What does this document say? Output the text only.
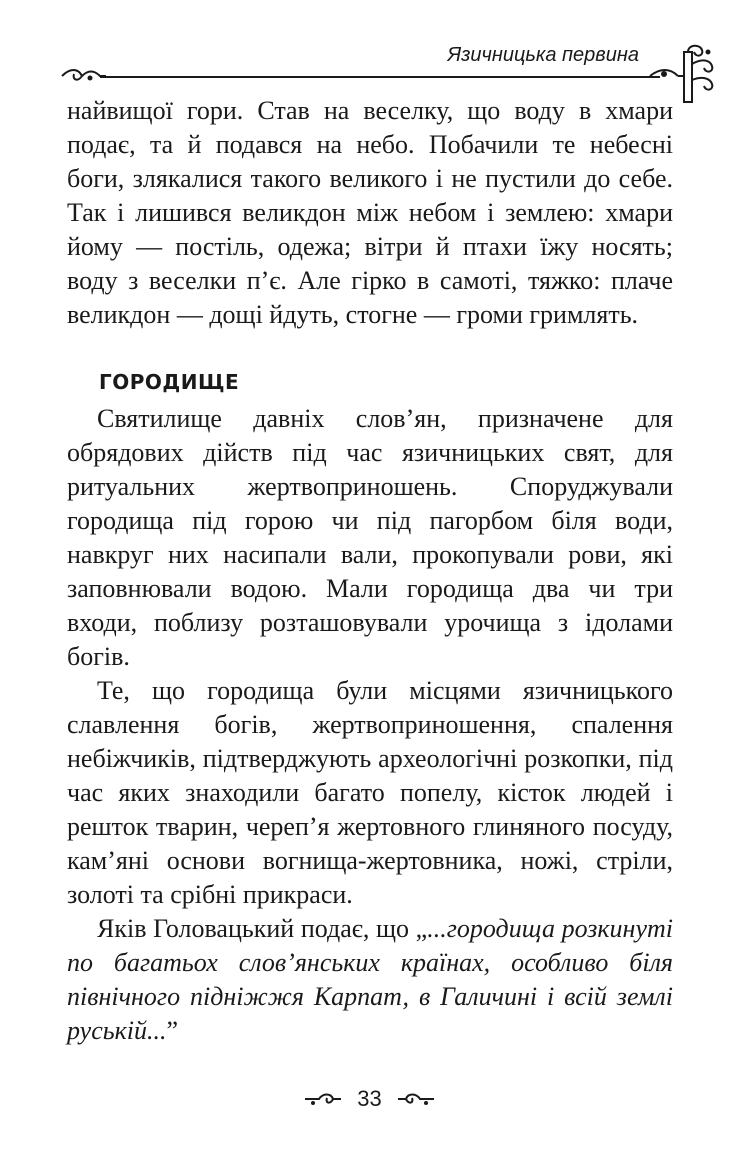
Язичницька первина

найвищої гори. Став на веселку, що воду в хмари подає, та й подався на небо. Побачили те небесні боги, злякалися такого великого і не пустили до себе. Так і лишився великдон між небом і землею: хмари йому — постіль, одежа; вітри й птахи їжу носять; воду з веселки п’є. Але гірко в самоті, тяжко: плаче великдон — дощі йдуть, стогне — громи гримлять.

ГОРОДИЩЕ

Святилище давніх слов’ян, призначене для обрядових дійств під час язичницьких свят, для ритуальних жертвоприношень. Споруджували городища під горою чи під пагорбом біля води, навкруг них насипали вали, прокопували рови, які заповнювали водою. Мали городища два чи три входи, поблизу розташовували урочища з ідолами богів.

Те, що городища були місцями язичницького славлення богів, жертвоприношення, спалення небіжчиків, підтверджують археологічні розкопки, під час яких знаходили багато попелу, кісток людей і решток тварин, череп’я жертовного глиняного посуду, кам’яні основи вогнища-жертовника, ножі, стріли, золоті та срібні прикраси.

Яків Головацький подає, що „...городища розкинуті по багатьох слов’янських країнах, особливо біля північного підніжжя Карпат, в Галичині і всій землі руській...”

33
